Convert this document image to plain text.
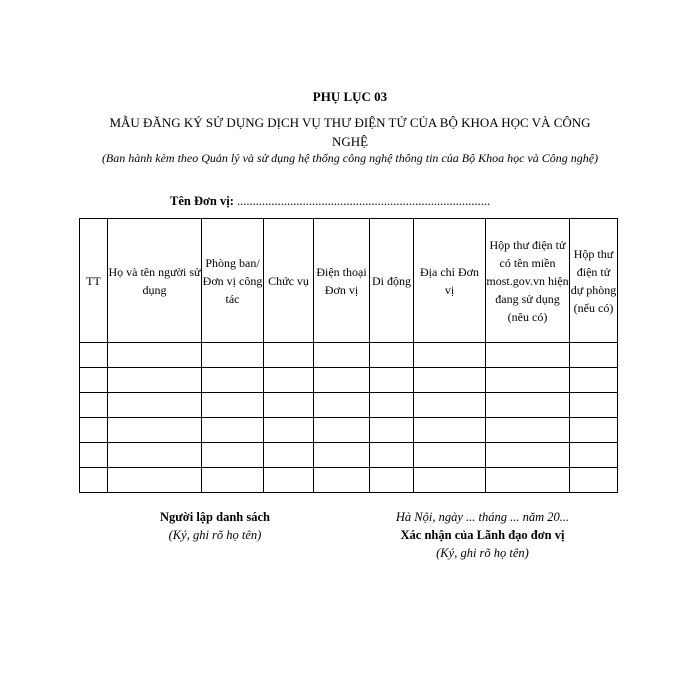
PHỤ LỤC 03
MẪU ĐĂNG KÝ SỬ DỤNG DỊCH VỤ THƯ ĐIỆN TỬ CỦA BỘ KHOA HỌC VÀ CÔNG NGHỆ
(Ban hành kèm theo Quản lý và sử dụng hệ thống công nghệ thông tin của Bộ Khoa học và Công nghệ)
Tên Đơn vị: .................................................................................
TT	Họ và tên người sử dụng	Phòng ban/ Đơn vị công tác	Chức vụ	Điện thoại Đơn vị	Di động	Địa chỉ Đơn vị	Hộp thư điện tử có tên miền most.gov.vn hiện đang sử dụng (nêu có)	Hộp thư điện tử dự phòng (nếu có)

Người lập danh sách
(Ký, ghi rõ họ tên)
Hà Nội, ngày ... tháng ... năm 20...
Xác nhận của Lãnh đạo đơn vị
(Ký, ghi rõ họ tên)
